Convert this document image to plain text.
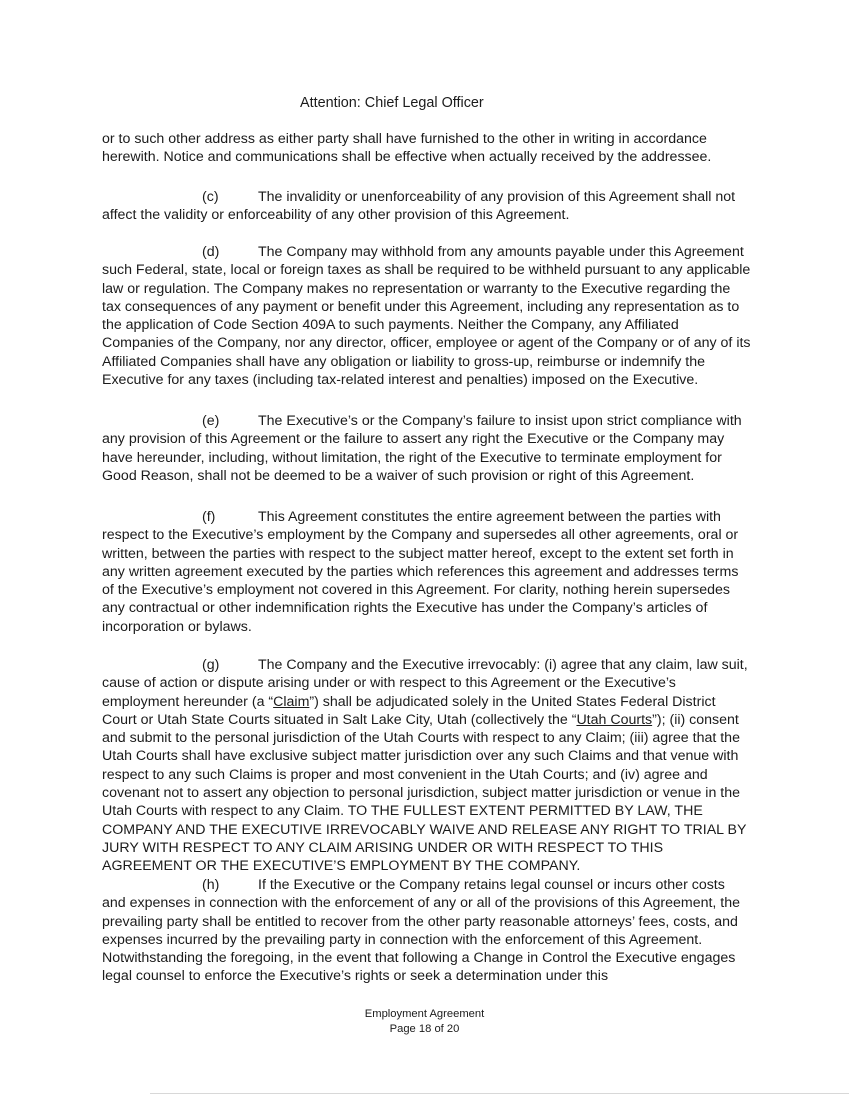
Attention: Chief Legal Officer

or to such other address as either party shall have furnished to the other in writing in accordance herewith. Notice and communications shall be effective when actually received by the addressee.

(c)	The invalidity or unenforceability of any provision of this Agreement shall not affect the validity or enforceability of any other provision of this Agreement.

(d)	The Company may withhold from any amounts payable under this Agreement such Federal, state, local or foreign taxes as shall be required to be withheld pursuant to any applicable law or regulation. The Company makes no representation or warranty to the Executive regarding the tax consequences of any payment or benefit under this Agreement, including any representation as to the application of Code Section 409A to such payments. Neither the Company, any Affiliated Companies of the Company, nor any director, officer, employee or agent of the Company or of any of its Affiliated Companies shall have any obligation or liability to gross-up, reimburse or indemnify the Executive for any taxes (including tax-related interest and penalties) imposed on the Executive.

(e)	The Executive’s or the Company’s failure to insist upon strict compliance with any provision of this Agreement or the failure to assert any right the Executive or the Company may have hereunder, including, without limitation, the right of the Executive to terminate employment for Good Reason, shall not be deemed to be a waiver of such provision or right of this Agreement.

(f)	This Agreement constitutes the entire agreement between the parties with respect to the Executive’s employment by the Company and supersedes all other agreements, oral or written, between the parties with respect to the subject matter hereof, except to the extent set forth in any written agreement executed by the parties which references this agreement and addresses terms of the Executive’s employment not covered in this Agreement. For clarity, nothing herein supersedes any contractual or other indemnification rights the Executive has under the Company’s articles of incorporation or bylaws.

(g)	The Company and the Executive irrevocably: (i) agree that any claim, law suit, cause of action or dispute arising under or with respect to this Agreement or the Executive’s employment hereunder (a “Claim”) shall be adjudicated solely in the United States Federal District Court or Utah State Courts situated in Salt Lake City, Utah (collectively the “Utah Courts”); (ii) consent and submit to the personal jurisdiction of the Utah Courts with respect to any Claim; (iii) agree that the Utah Courts shall have exclusive subject matter jurisdiction over any such Claims and that venue with respect to any such Claims is proper and most convenient in the Utah Courts; and (iv) agree and covenant not to assert any objection to personal jurisdiction, subject matter jurisdiction or venue in the Utah Courts with respect to any Claim. TO THE FULLEST EXTENT PERMITTED BY LAW, THE COMPANY AND THE EXECUTIVE IRREVOCABLY WAIVE AND RELEASE ANY RIGHT TO TRIAL BY JURY WITH RESPECT TO ANY CLAIM ARISING UNDER OR WITH RESPECT TO THIS AGREEMENT OR THE EXECUTIVE’S EMPLOYMENT BY THE COMPANY.

(h)	If the Executive or the Company retains legal counsel or incurs other costs and expenses in connection with the enforcement of any or all of the provisions of this Agreement, the prevailing party shall be entitled to recover from the other party reasonable attorneys’ fees, costs, and expenses incurred by the prevailing party in connection with the enforcement of this Agreement. Notwithstanding the foregoing, in the event that following a Change in Control the Executive engages legal counsel to enforce the Executive’s rights or seek a determination under this

Employment Agreement
Page 18 of 20
